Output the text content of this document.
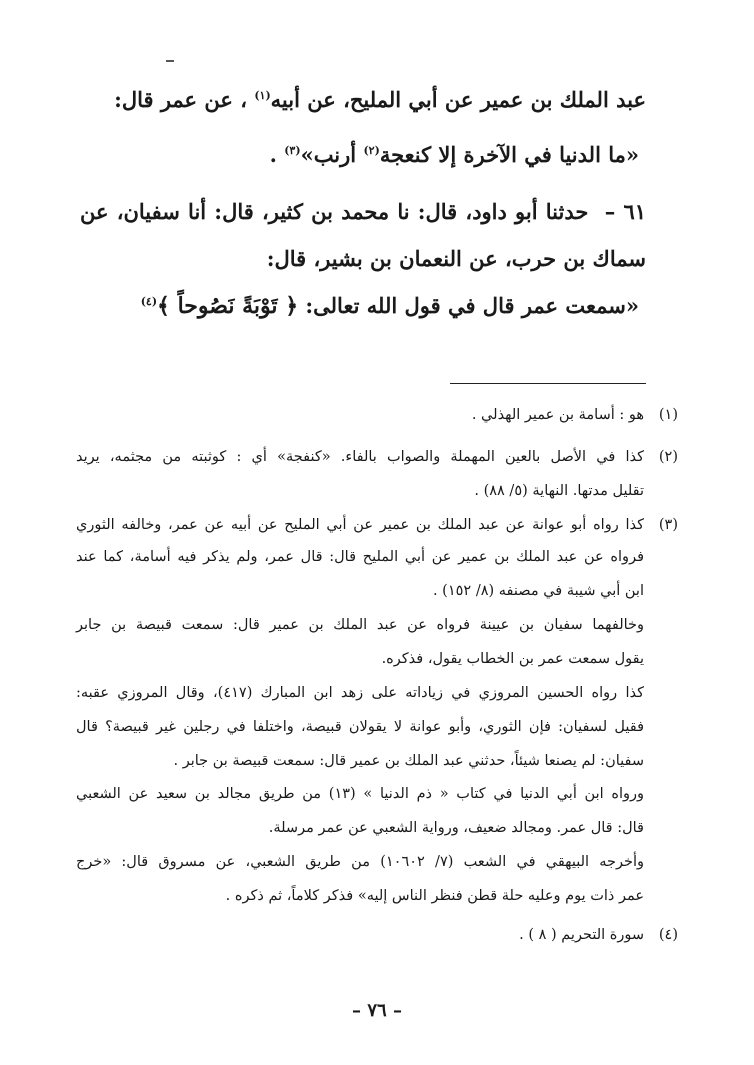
عبد الملك بن عمير عن أبي المليح، عن أبيه$^{(١)}$ ، عن عمر قال:
«ما الدنيا في الآخرة إلا كنعجة$^{(٢)}$ أرنب»$^{(٣)}$ .
٦١ –  حدثنا أبو داود، قال: نا محمد بن كثير، قال: أنا سفيان، عن
سماك بن حرب، عن النعمان بن بشير، قال:
«سمعت عمر قال في قول الله تعالى: ﴿ تَوْبَةً نَصُوحاً ﴾$^{(٤)}$
(١)
هو : أسامة بن عمير الهذلي .
(٢)
كذا في الأصل بالعين المهملة والصواب بالفاء. «كنفجة» أي : كوثبته من مجثمه، يريد
تقليل مدتها. النهاية (٥/ ٨٨) .
(٣)
كذا رواه أبو عوانة عن عبد الملك بن عمير عن أبي المليح عن أبيه عن عمر، وخالفه الثوري
فرواه عن عبد الملك بن عمير عن أبي المليح قال: قال عمر، ولم يذكر فيه أسامة، كما عند
ابن أبي شيبة في مصنفه (٨/ ١٥٢) .
وخالفهما سفيان بن عيينة فرواه عن عبد الملك بن عمير قال: سمعت قبيصة بن جابر
يقول سمعت عمر بن الخطاب يقول، فذكره.
كذا رواه الحسين المروزي في زياداته على زهد ابن المبارك (٤١٧)، وقال المروزي عقبه:
فقيل لسفيان: فإن الثوري، وأبو عوانة لا يقولان قبيصة، واختلفا في رجلين غير قبيصة؟ قال
سفيان: لم يصنعا شيئاً، حدثني عبد الملك بن عمير قال: سمعت قبيصة بن جابر .
ورواه ابن أبي الدنيا في كتاب « ذم الدنيا » (١٣) من طريق مجالد بن سعيد عن الشعبي
قال: قال عمر. ومجالد ضعيف، ورواية الشعبي عن عمر مرسلة.
وأخرجه البيهقي في الشعب (٧/ ١٠٦٠٢) من طريق الشعبي، عن مسروق قال: «خرج
عمر ذات يوم وعليه حلة قطن فنظر الناس إليه» فذكر كلاماً، ثم ذكره .
(٤)
سورة التحريم ( ٨ ) .
– ٧٦ –
